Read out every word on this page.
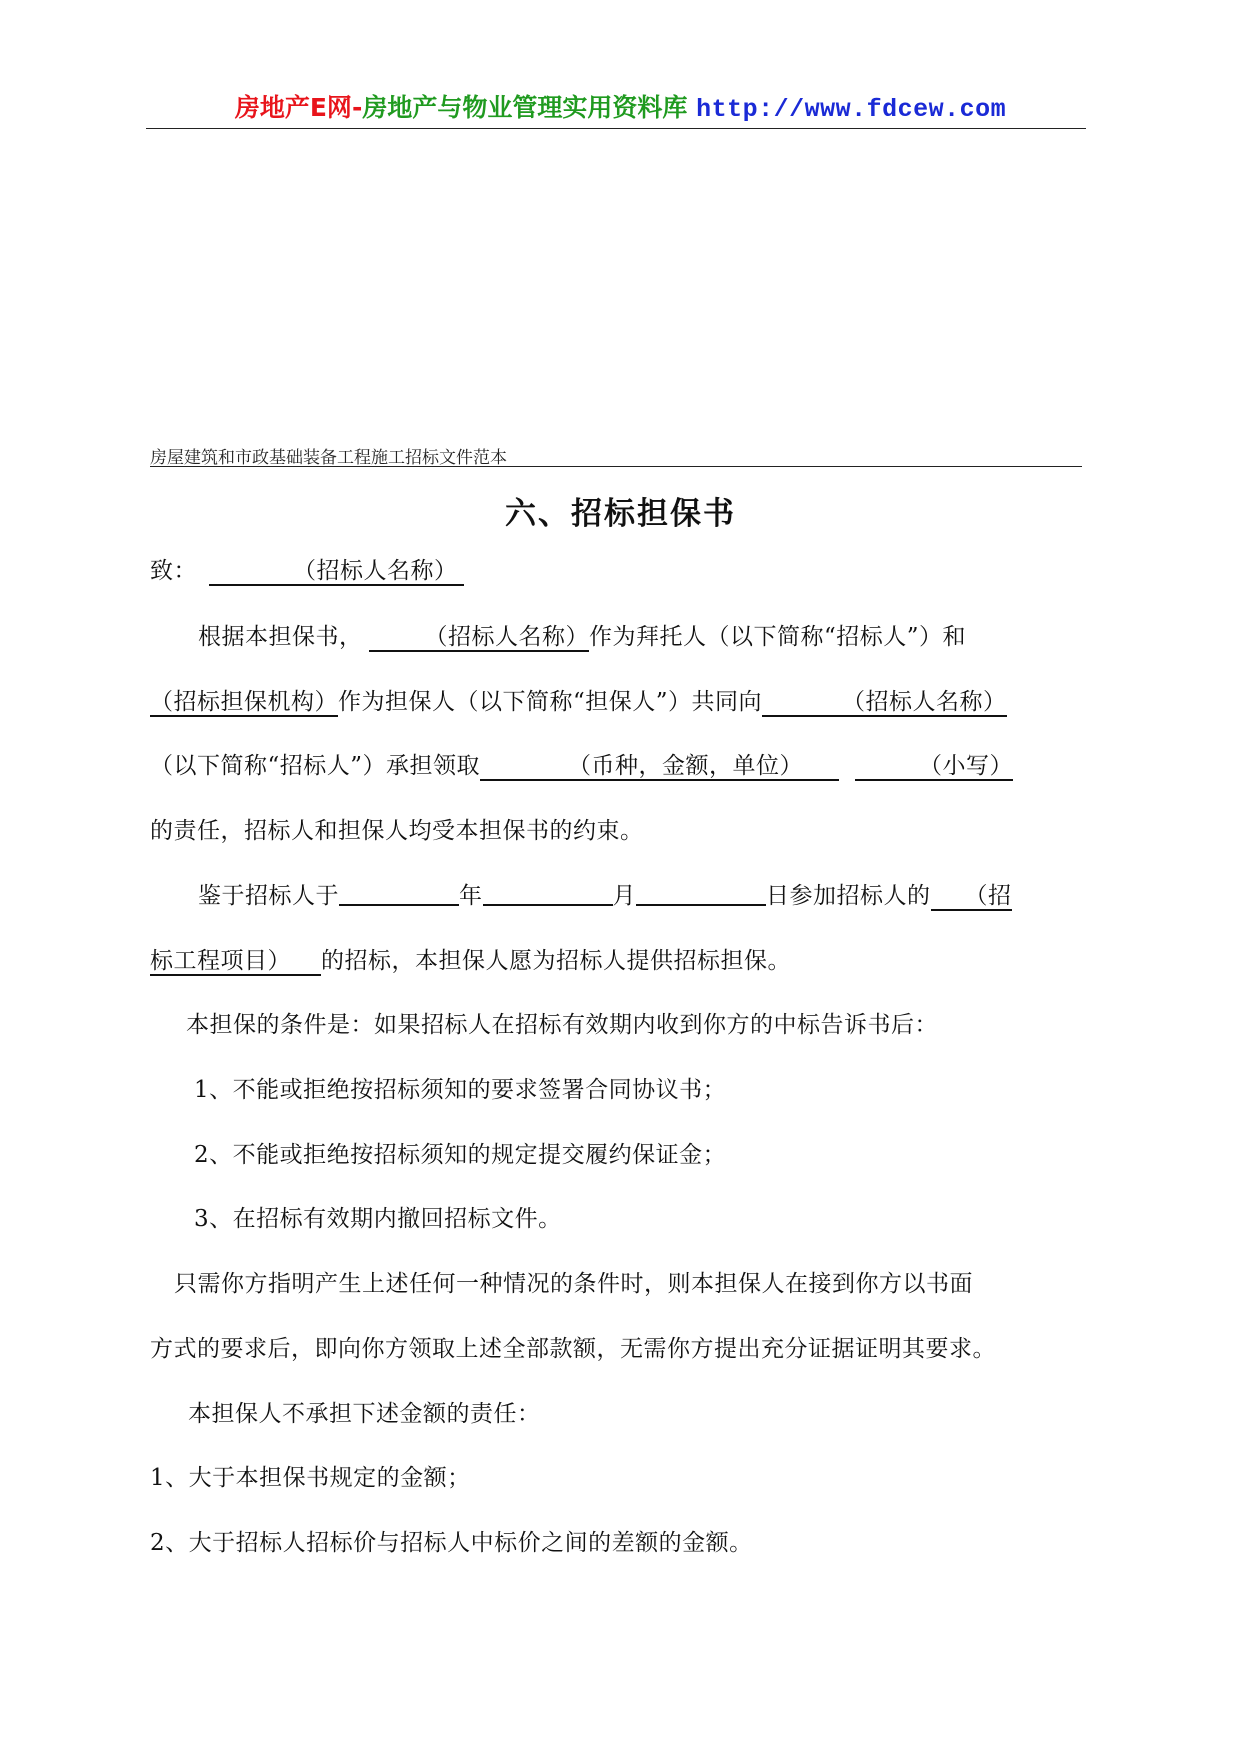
房地产E网-房地产与物业管理实用资料库 http://www.fdcew.com
房屋建筑和市政基础装备工程施工招标文件范本
六、招标担保书
致：	（招标人名称）
根据本担保书，	（招标人名称）作为拜托人（以下简称“招标人”）和
（招标担保机构）作为担保人（以下简称“担保人”）共同向	（招标人名称）
（以下简称“招标人”）承担领取	（币种，金额，单位）	（小写）
的责任，招标人和担保人均受本担保书的约束。
鉴于招标人于	年	月	日参加招标人的 （招
标工程项目） 的招标，本担保人愿为招标人提供招标担保。
本担保的条件是：如果招标人在招标有效期内收到你方的中标告诉书后：
1、不能或拒绝按招标须知的要求签署合同协议书；
2、不能或拒绝按招标须知的规定提交履约保证金；
3、在招标有效期内撤回招标文件。
只需你方指明产生上述任何一种情况的条件时，则本担保人在接到你方以书面
方式的要求后，即向你方领取上述全部款额，无需你方提出充分证据证明其要求。
本担保人不承担下述金额的责任：
1、大于本担保书规定的金额；
2、大于招标人招标价与招标人中标价之间的差额的金额。
